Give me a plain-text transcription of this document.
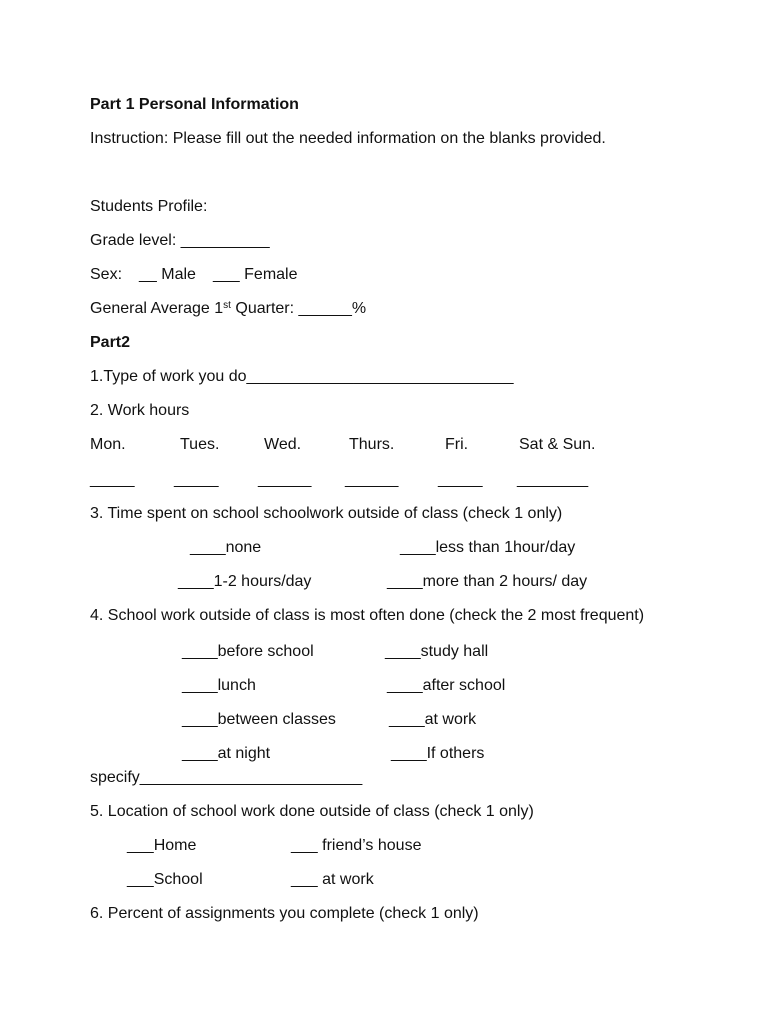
Part 1 Personal Information
Instruction: Please fill out the needed information on the blanks provided.
Students Profile:
Grade level: __________
Sex: __ Male ___ Female
General Average 1st Quarter: ______%
Part2
1.Type of work you do______________________________
2. Work hours
Mon.	Tues.	Wed.	Thurs.	Fri.	Sat & Sun.
_____ _____ ______ ______ _____ ________
3. Time spent on school schoolwork outside of class (check 1 only)
____none	____less than 1hour/day
____1-2 hours/day	____more than 2 hours/ day
4. School work outside of class is most often done (check the 2 most frequent)
____before school	____study hall
____lunch	____after school
____between classes	____at work
____at night	____If others
specify_________________________
5. Location of school work done outside of class (check 1 only)
___Home	___ friend’s house
___School	___ at work
6. Percent of assignments you complete (check 1 only)
